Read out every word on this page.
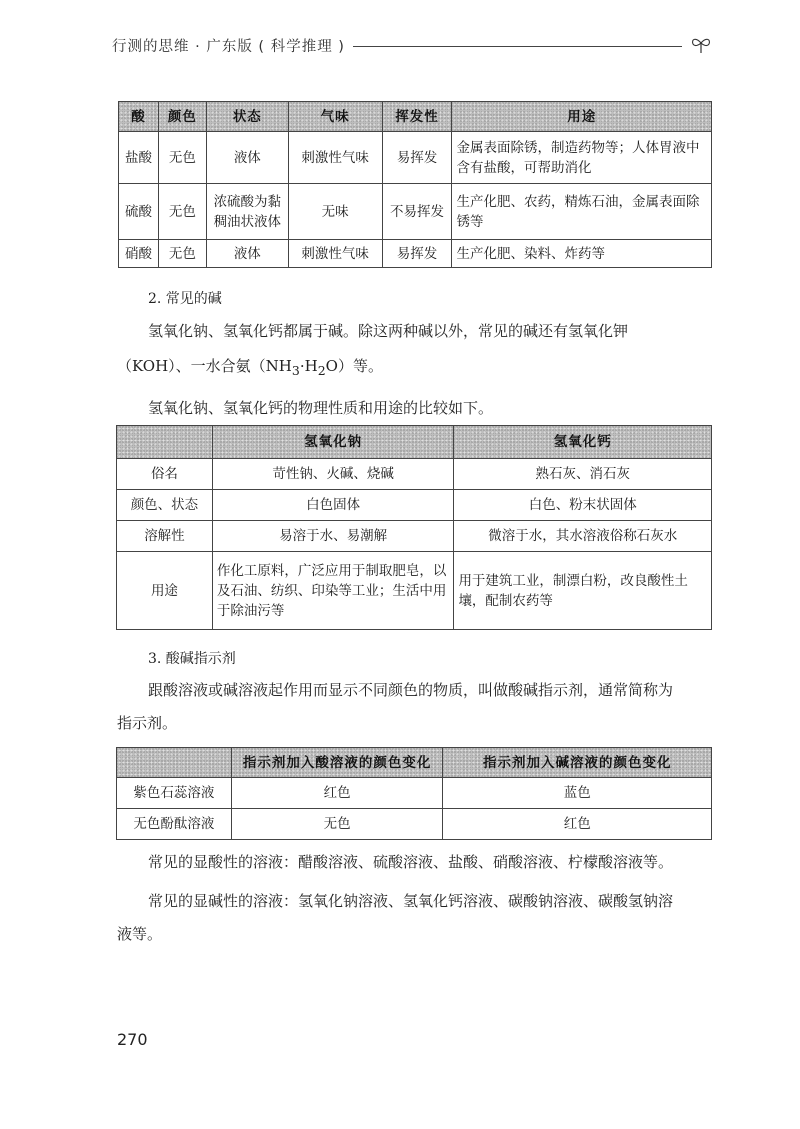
行测的思维 · 广东版 ( 科学推理 )
酸	颜色	状态	气味	挥发性	用途
盐酸	无色	液体	刺激性气味	易挥发	金属表面除锈，制造药物等；人体胃液中含有盐酸，可帮助消化
硫酸	无色	浓硫酸为黏稠油状液体	无味	不易挥发	生产化肥、农药，精炼石油，金属表面除锈等
硝酸	无色	液体	刺激性气味	易挥发	生产化肥、染料、炸药等
2. 常见的碱

氢氧化钠、氢氧化钙都属于碱。除这两种碱以外，常见的碱还有氢氧化钾

（KOH）、一水合氨$(NH_3\cdot H_2O)$等。

氢氧化钠、氢氧化钙的物理性质和用途的比较如下。

	氢氧化钠	氢氧化钙
俗名	苛性钠、火碱、烧碱	熟石灰、消石灰
颜色、状态	白色固体	白色、粉末状固体
溶解性	易溶于水、易潮解	微溶于水，其水溶液俗称石灰水
用途	作化工原料，广泛应用于制取肥皂，以及石油、纺织、印染等工业；生活中用于除油污等	用于建筑工业，制漂白粉，改良酸性土壤，配制农药等
3. 酸碱指示剂

跟酸溶液或碱溶液起作用而显示不同颜色的物质，叫做酸碱指示剂，通常简称为

指示剂。

	指示剂加入酸溶液的颜色变化	指示剂加入碱溶液的颜色变化
紫色石蕊溶液	红色	蓝色
无色酚酞溶液	无色	红色

常见的显酸性的溶液：醋酸溶液、硫酸溶液、盐酸、硝酸溶液、柠檬酸溶液等。

常见的显碱性的溶液：氢氧化钠溶液、氢氧化钙溶液、碳酸钠溶液、碳酸氢钠溶

液等。

270
